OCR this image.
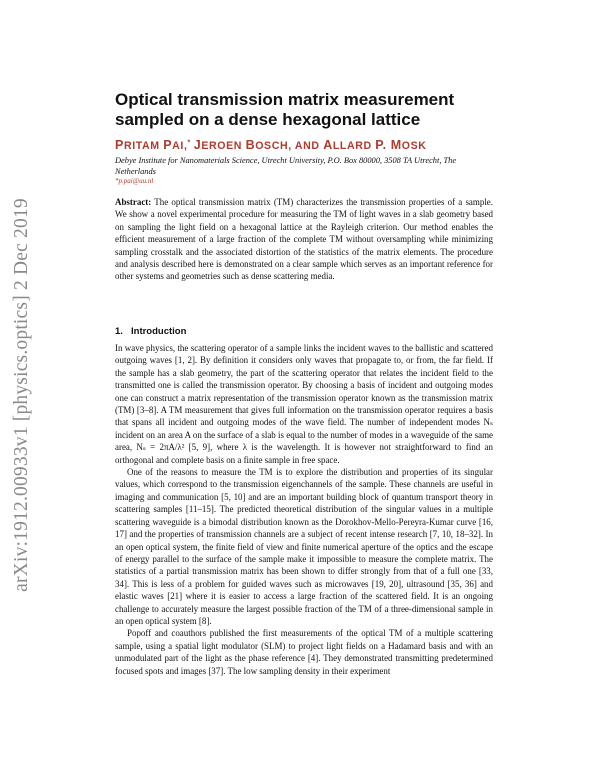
arXiv:1912.00933v1 [physics.optics] 2 Dec 2019
Optical transmission matrix measurement sampled on a dense hexagonal lattice
PRITAM PAI,* JEROEN BOSCH, AND ALLARD P. MOSK
Debye Institute for Nanomaterials Science, Utrecht University, P.O. Box 80000, 3508 TA Utrecht, The Netherlands
*p.pai@uu.nl
Abstract: The optical transmission matrix (TM) characterizes the transmission properties of a sample. We show a novel experimental procedure for measuring the TM of light waves in a slab geometry based on sampling the light field on a hexagonal lattice at the Rayleigh criterion. Our method enables the efficient measurement of a large fraction of the complete TM without oversampling while minimizing sampling crosstalk and the associated distortion of the statistics of the matrix elements. The procedure and analysis described here is demonstrated on a clear sample which serves as an important reference for other systems and geometries such as dense scattering media.
1. Introduction

In wave physics, the scattering operator of a sample links the incident waves to the ballistic and scattered outgoing waves [1, 2]. By definition it considers only waves that propagate to, or from, the far field. If the sample has a slab geometry, the part of the scattering operator that relates the incident field to the transmitted one is called the transmission operator. By choosing a basis of incident and outgoing modes one can construct a matrix representation of the transmission operator known as the transmission matrix (TM) [3–8]. A TM measurement that gives full information on the transmission operator requires a basis that spans all incident and outgoing modes of the wave field. The number of independent modes Nₛ incident on an area A on the surface of a slab is equal to the number of modes in a waveguide of the same area, Nₛ = 2πA/λ² [5, 9], where λ is the wavelength. It is however not straightforward to find an orthogonal and complete basis on a finite sample in free space.

One of the reasons to measure the TM is to explore the distribution and properties of its singular values, which correspond to the transmission eigenchannels of the sample. These channels are useful in imaging and communication [5, 10] and are an important building block of quantum transport theory in scattering samples [11–15]. The predicted theoretical distribution of the singular values in a multiple scattering waveguide is a bimodal distribution known as the Dorokhov-Mello-Pereyra-Kumar curve [16, 17] and the properties of transmission channels are a subject of recent intense research [7, 10, 18–32]. In an open optical system, the finite field of view and finite numerical aperture of the optics and the escape of energy parallel to the surface of the sample make it impossible to measure the complete matrix. The statistics of a partial transmission matrix has been shown to differ strongly from that of a full one [33, 34]. This is less of a problem for guided waves such as microwaves [19, 20], ultrasound [35, 36] and elastic waves [21] where it is easier to access a large fraction of the scattered field. It is an ongoing challenge to accurately measure the largest possible fraction of the TM of a three-dimensional sample in an open optical system [8].

Popoff and coauthors published the first measurements of the optical TM of a multiple scattering sample, using a spatial light modulator (SLM) to project light fields on a Hadamard basis and with an unmodulated part of the light as the phase reference [4]. They demonstrated transmitting predetermined focused spots and images [37]. The low sampling density in their experiment
